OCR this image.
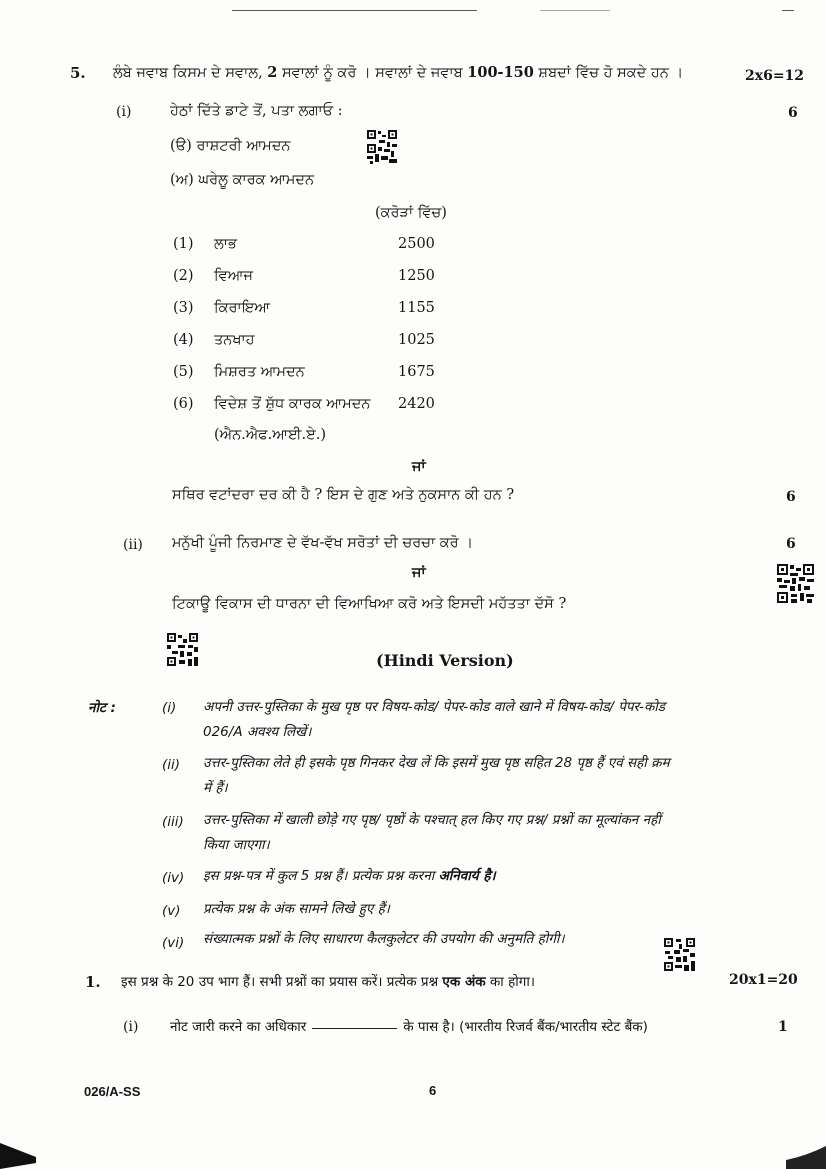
5. ਲੰਬੇ ਜਵਾਬ ਕਿਸਮ ਦੇ ਸਵਾਲ, 2 ਸਵਾਲਾਂ ਨੂੰ ਕਰੋ । ਸਵਾਲਾਂ ਦੇ ਜਵਾਬ 100-150 ਸ਼ਬਦਾਂ ਵਿੱਚ ਹੋ ਸਕਦੇ ਹਨ ।	2x6=12
(i)	ਹੇਠਾਂ ਦਿੱਤੇ ਡਾਟੇ ਤੋਂ, ਪਤਾ ਲਗਾਓ :	6
(ੳ) ਰਾਸ਼ਟਰੀ ਆਮਦਨ
(ਅ) ਘਰੇਲੂ ਕਾਰਕ ਆਮਦਨ
(ਕਰੋੜਾਂ ਵਿੱਚ)
(1) ਲਾਭ	2500
(2) ਵਿਆਜ	1250
(3) ਕਿਰਾਇਆ	1155
(4) ਤਨਖਾਹ	1025
(5) ਮਿਸ਼ਰਤ ਆਮਦਨ	1675
(6) ਵਿਦੇਸ਼ ਤੋਂ ਸ਼ੁੱਧ ਕਾਰਕ ਆਮਦਨ 2420
(ਐਨ.ਐਫ.ਆਈ.ਏ.)
ਜਾਂ
ਸਥਿਰ ਵਟਾਂਦਰਾ ਦਰ ਕੀ ਹੈ ? ਇਸ ਦੇ ਗੁਣ ਅਤੇ ਨੁਕਸਾਨ ਕੀ ਹਨ ?	6
(ii) ਮਨੁੱਖੀ ਪੂੰਜੀ ਨਿਰਮਾਣ ਦੇ ਵੱਖ-ਵੱਖ ਸਰੋਤਾਂ ਦੀ ਚਰਚਾ ਕਰੋ ।	6
ਜਾਂ
ਟਿਕਾਊ ਵਿਕਾਸ ਦੀ ਧਾਰਨਾ ਦੀ ਵਿਆਖਿਆ ਕਰੋ ਅਤੇ ਇਸਦੀ ਮਹੱਤਤਾ ਦੱਸੋ ?
(Hindi Version)
नोट :	(i) अपनी उत्तर-पुस्तिका के मुख पृष्ठ पर विषय-कोड/ पेपर-कोड वाले खाने में विषय-कोड/ पेपर-कोड
026/A अवश्य लिखें।
(ii) उत्तर-पुस्तिका लेते ही इसके पृष्ठ गिनकर देख लें कि इसमें मुख पृष्ठ सहित 28 पृष्ठ हैं एवं सही क्रम
में हैं।
(iii) उत्तर-पुस्तिका में खाली छोड़े गए पृष्ठ/ पृष्ठों के पश्चात् हल किए गए प्रश्न/ प्रश्नों का मूल्यांकन नहीं
किया जाएगा।
(iv) इस प्रश्न-पत्र में कुल 5 प्रश्न हैं। प्रत्येक प्रश्न करना अनिवार्य है।
(v) प्रत्येक प्रश्न के अंक सामने लिखे हुए हैं।
(vi) संख्यात्मक प्रश्नों के लिए साधारण कैलकुलेटर की उपयोग की अनुमति होगी।
1. इस प्रश्न के 20 उप भाग हैं। सभी प्रश्नों का प्रयास करें। प्रत्येक प्रश्न एक अंक का होगा।	20x1=20
(i) नोट जारी करने का अधिकार	के पास है। (भारतीय रिजर्व बैंक/भारतीय स्टेट बैंक)	1
026/A-SS	6
